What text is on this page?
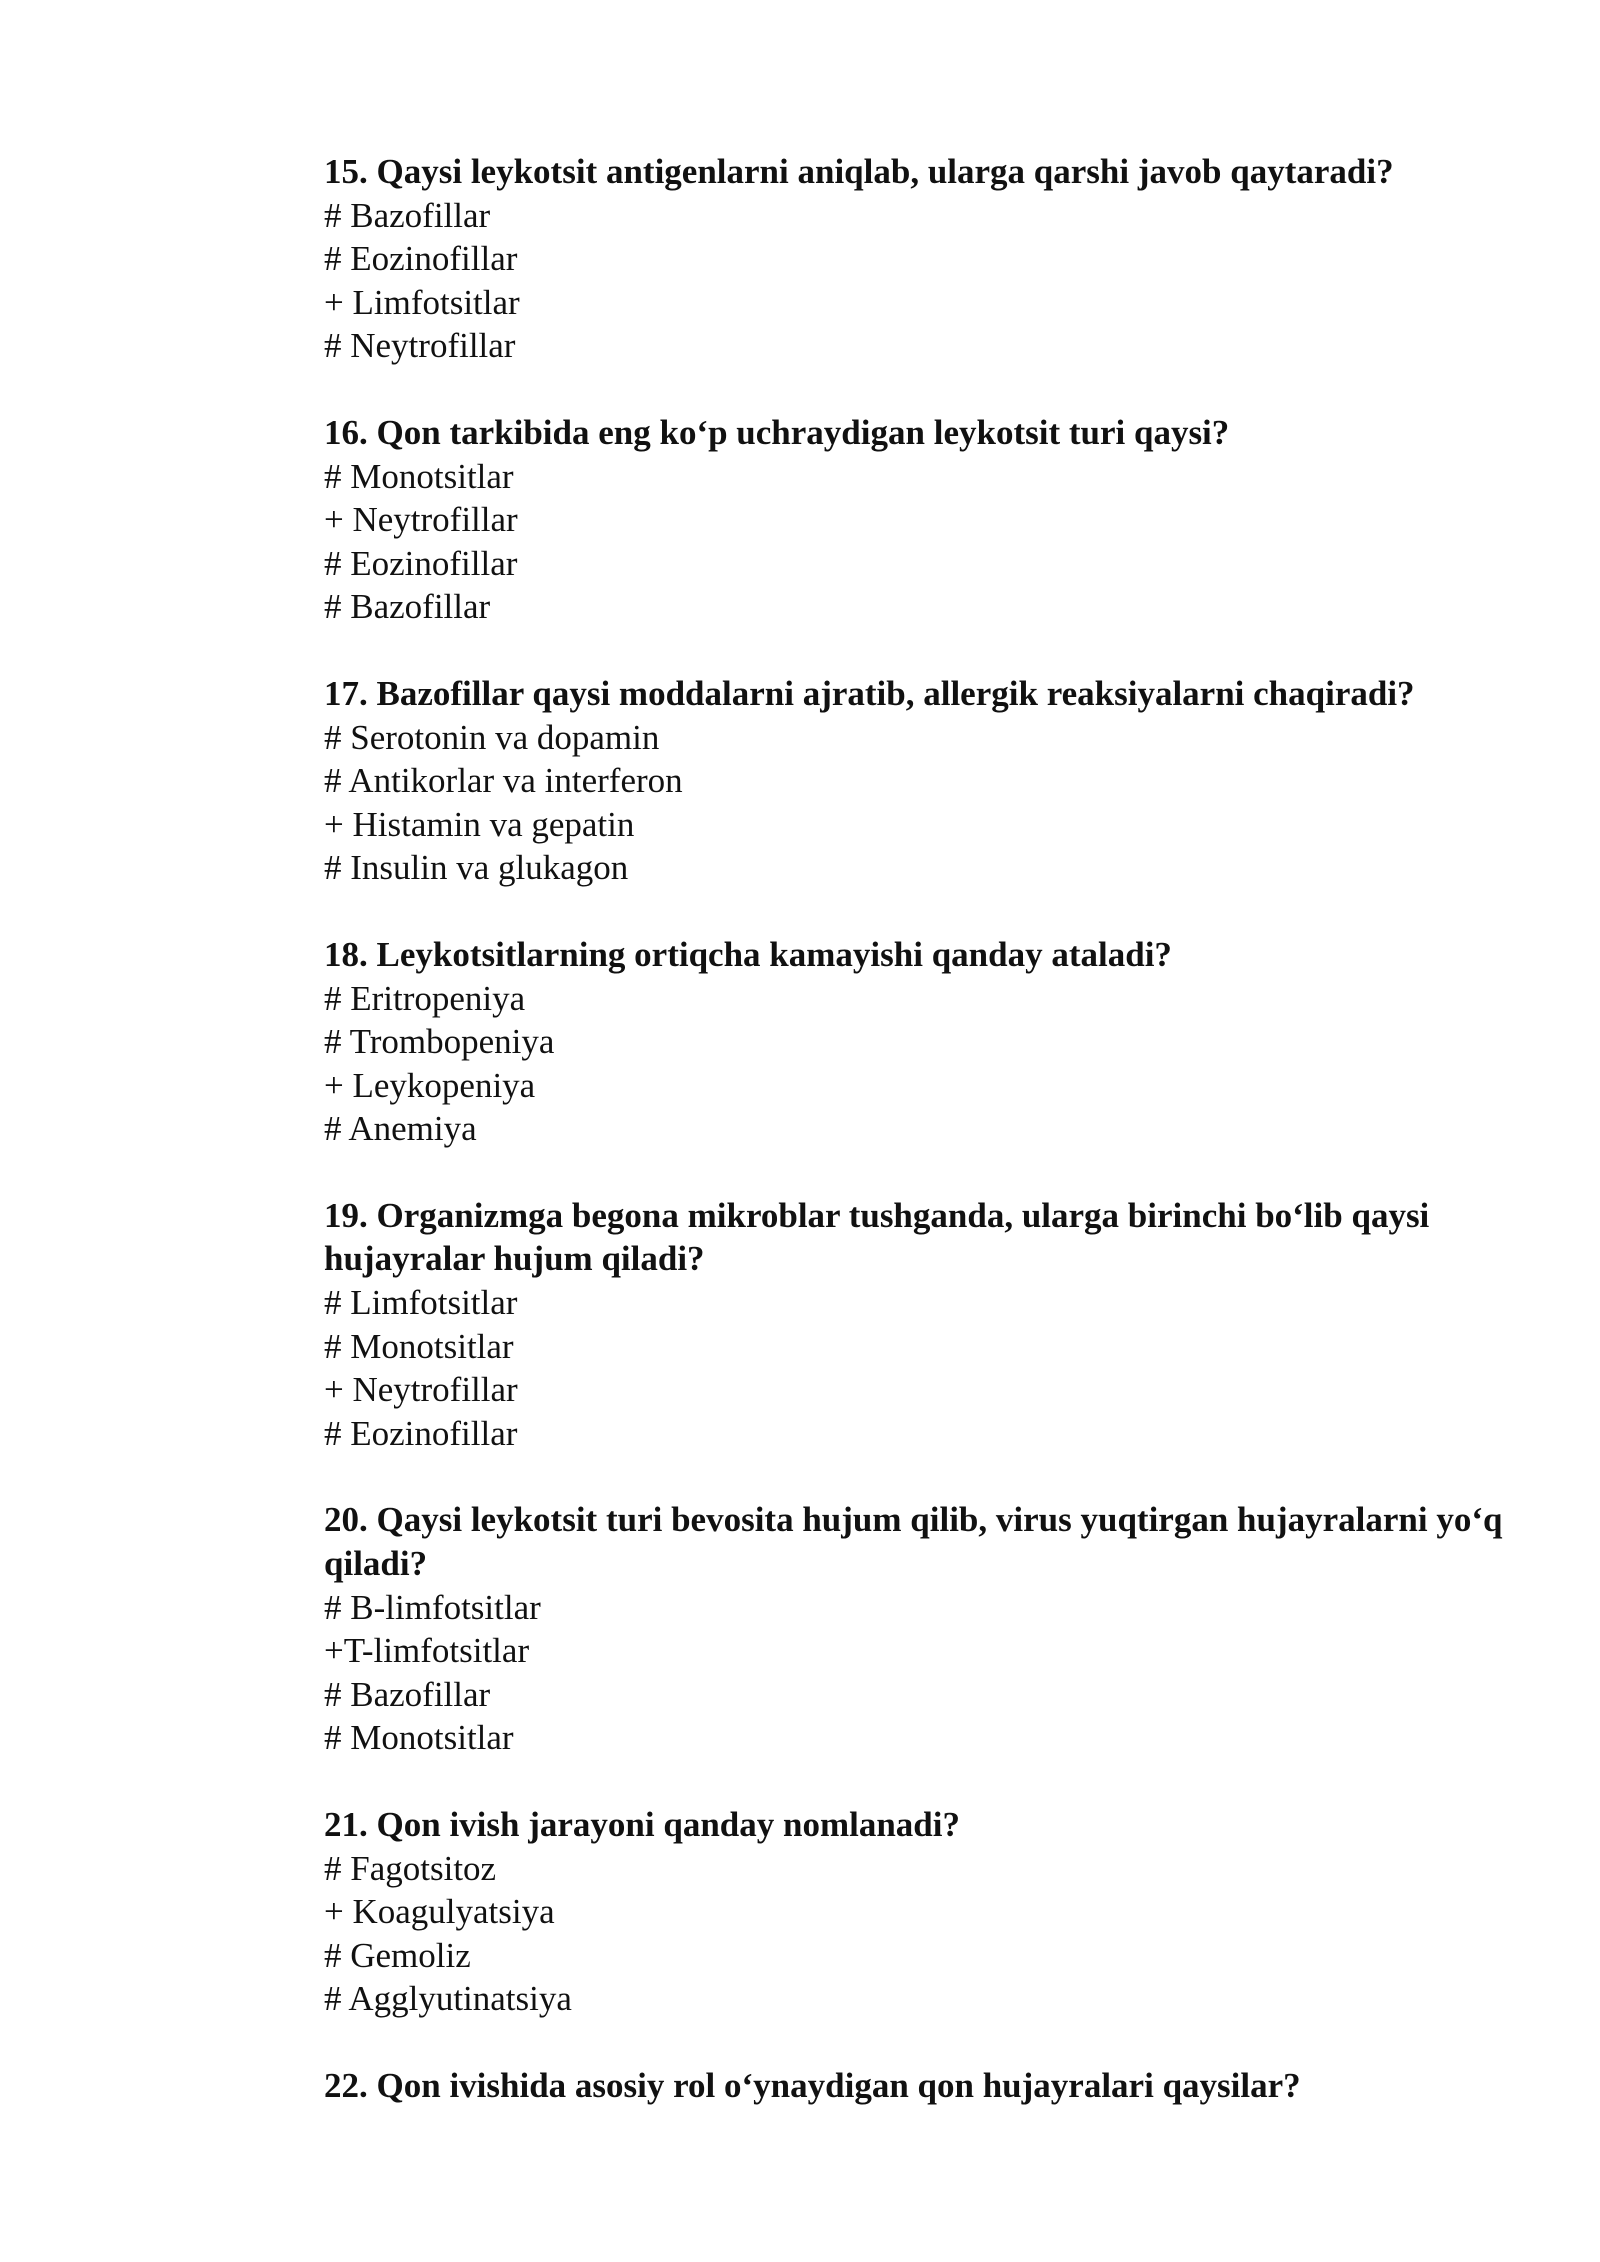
15. Qaysi leykotsit antigenlarni aniqlab, ularga qarshi javob qaytaradi?

# Bazofillar

# Eozinofillar

+ Limfotsitlar

# Neytrofillar

16. Qon tarkibida eng koʻp uchraydigan leykotsit turi qaysi?

# Monotsitlar

+ Neytrofillar

# Eozinofillar

# Bazofillar

17. Bazofillar qaysi moddalarni ajratib, allergik reaksiyalarni chaqiradi?

# Serotonin va dopamin

# Antikorlar va interferon

+ Histamin va gepatin

# Insulin va glukagon

18. Leykotsitlarning ortiqcha kamayishi qanday ataladi?

# Eritropeniya

# Trombopeniya

+ Leykopeniya

# Anemiya

19. Organizmga begona mikroblar tushganda, ularga birinchi boʻlib qaysi hujayralar hujum qiladi?

# Limfotsitlar

# Monotsitlar

+ Neytrofillar

# Eozinofillar

20. Qaysi leykotsit turi bevosita hujum qilib, virus yuqtirgan hujayralarni yoʻq qiladi?

# B-limfotsitlar

+T-limfotsitlar

# Bazofillar

# Monotsitlar

21. Qon ivish jarayoni qanday nomlanadi?

# Fagotsitoz

+ Koagulyatsiya

# Gemoliz

# Agglyutinatsiya

22. Qon ivishida asosiy rol oʻynaydigan qon hujayralari qaysilar?
